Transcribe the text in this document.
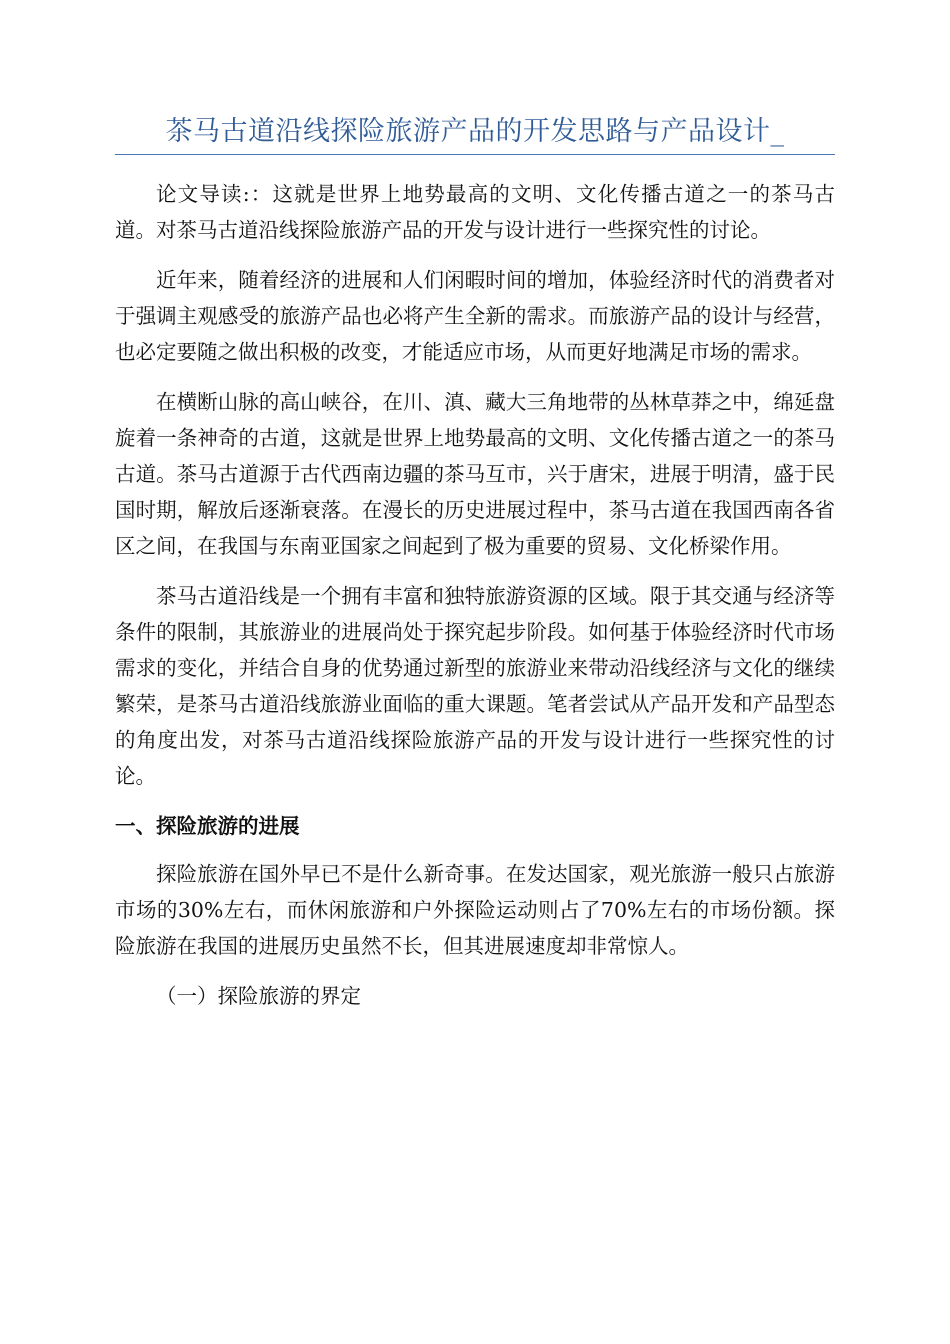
茶马古道沿线探险旅游产品的开发思路与产品设计_

论文导读:：这就是世界上地势最高的文明、文化传播古道之一的茶马古道。对茶马古道沿线探险旅游产品的开发与设计进行一些探究性的讨论。

近年来，随着经济的进展和人们闲暇时间的增加，体验经济时代的消费者对于强调主观感受的旅游产品也必将产生全新的需求。而旅游产品的设计与经营，也必定要随之做出积极的改变，才能适应市场，从而更好地满足市场的需求。

在横断山脉的高山峡谷，在川、滇、藏大三角地带的丛林草莽之中，绵延盘旋着一条神奇的古道，这就是世界上地势最高的文明、文化传播古道之一的茶马古道。茶马古道源于古代西南边疆的茶马互市，兴于唐宋，进展于明清，盛于民国时期，解放后逐渐衰落。在漫长的历史进展过程中，茶马古道在我国西南各省区之间，在我国与东南亚国家之间起到了极为重要的贸易、文化桥梁作用。

茶马古道沿线是一个拥有丰富和独特旅游资源的区域。限于其交通与经济等条件的限制，其旅游业的进展尚处于探究起步阶段。如何基于体验经济时代市场需求的变化，并结合自身的优势通过新型的旅游业来带动沿线经济与文化的继续繁荣，是茶马古道沿线旅游业面临的重大课题。笔者尝试从产品开发和产品型态的角度出发，对茶马古道沿线探险旅游产品的开发与设计进行一些探究性的讨论。

一、探险旅游的进展

探险旅游在国外早已不是什么新奇事。在发达国家，观光旅游一般只占旅游市场的30%左右，而休闲旅游和户外探险运动则占了70%左右的市场份额。探险旅游在我国的进展历史虽然不长，但其进展速度却非常惊人。

（一）探险旅游的界定
